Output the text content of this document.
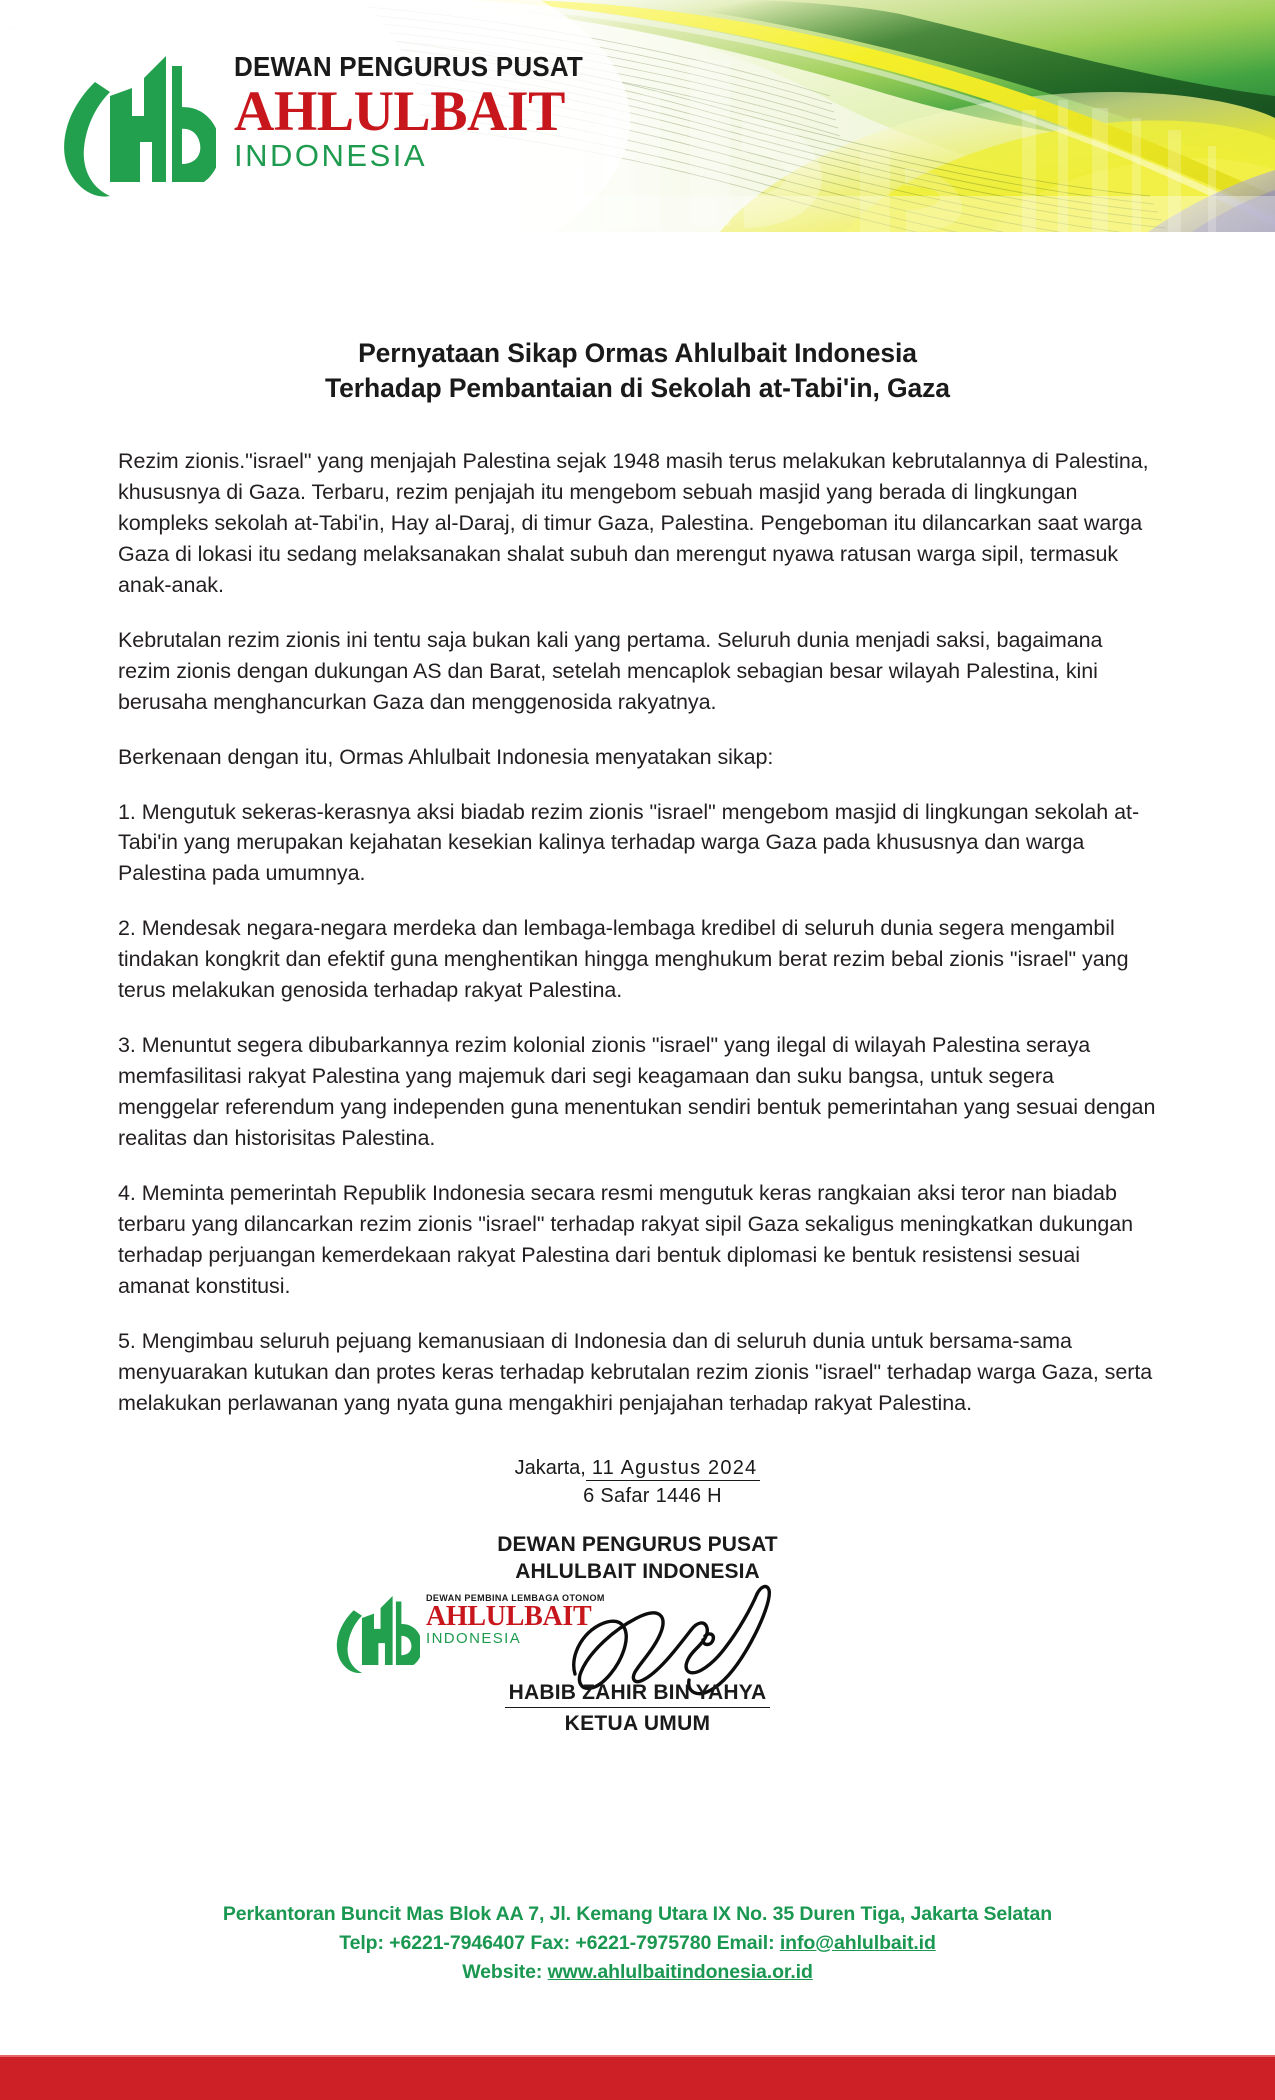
DEWAN PENGURUS PUSAT
AHLULBAIT
INDONESIA
Pernyataan Sikap Ormas Ahlulbait Indonesia
Terhadap Pembantaian di Sekolah at-Tabi'in, Gaza

Rezim zionis."israel" yang menjajah Palestina sejak 1948 masih terus melakukan kebrutalannya di Palestina, khususnya di Gaza. Terbaru, rezim penjajah itu mengebom sebuah masjid yang berada di lingkungan kompleks sekolah at-Tabi'in, Hay al-Daraj, di timur Gaza, Palestina. Pengeboman itu dilancarkan saat warga Gaza di lokasi itu sedang melaksanakan shalat subuh dan merengut nyawa ratusan warga sipil, termasuk anak-anak.

Kebrutalan rezim zionis ini tentu saja bukan kali yang pertama. Seluruh dunia menjadi saksi, bagaimana rezim zionis dengan dukungan AS dan Barat, setelah mencaplok sebagian besar wilayah Palestina, kini berusaha menghancurkan Gaza dan menggenosida rakyatnya.

Berkenaan dengan itu, Ormas Ahlulbait Indonesia menyatakan sikap:

1. Mengutuk sekeras-kerasnya aksi biadab rezim zionis "israel" mengebom masjid di lingkungan sekolah at-Tabi'in yang merupakan kejahatan kesekian kalinya terhadap warga Gaza pada khususnya dan warga Palestina pada umumnya.

2. Mendesak negara-negara merdeka dan lembaga-lembaga kredibel di seluruh dunia segera mengambil tindakan kongkrit dan efektif guna menghentikan hingga menghukum berat rezim bebal zionis "israel" yang terus melakukan genosida terhadap rakyat Palestina.

3. Menuntut segera dibubarkannya rezim kolonial zionis "israel" yang ilegal di wilayah Palestina seraya memfasilitasi rakyat Palestina yang majemuk dari segi keagamaan dan suku bangsa, untuk segera menggelar referendum yang independen guna menentukan sendiri bentuk pemerintahan yang sesuai dengan realitas dan historisitas Palestina.

4. Meminta pemerintah Republik Indonesia secara resmi mengutuk keras rangkaian aksi teror nan biadab terbaru yang dilancarkan rezim zionis "israel" terhadap rakyat sipil Gaza sekaligus meningkatkan dukungan terhadap perjuangan kemerdekaan rakyat Palestina dari bentuk diplomasi ke bentuk resistensi sesuai amanat konstitusi.

5. Mengimbau seluruh pejuang kemanusiaan di Indonesia dan di seluruh dunia untuk bersama-sama menyuarakan kutukan dan protes keras terhadap kebrutalan rezim zionis "israel" terhadap warga Gaza, serta melakukan perlawanan yang nyata guna mengakhiri penjajahan terhadap rakyat Palestina.

Jakarta, 11 Agustus 2024
6 Safar 1446 H
DEWAN PENGURUS PUSAT
AHLULBAIT INDONESIA
DEWAN PEMBINA LEMBAGA OTONOM
AHLULBAIT
INDONESIA
HABIB ZAHIR BIN YAHYA
KETUA UMUM
Perkantoran Buncit Mas Blok AA 7, Jl. Kemang Utara IX No. 35 Duren Tiga, Jakarta Selatan
Telp: +6221-7946407 Fax: +6221-7975780 Email: info@ahlulbait.id
Website: www.ahlulbaitindonesia.or.id
